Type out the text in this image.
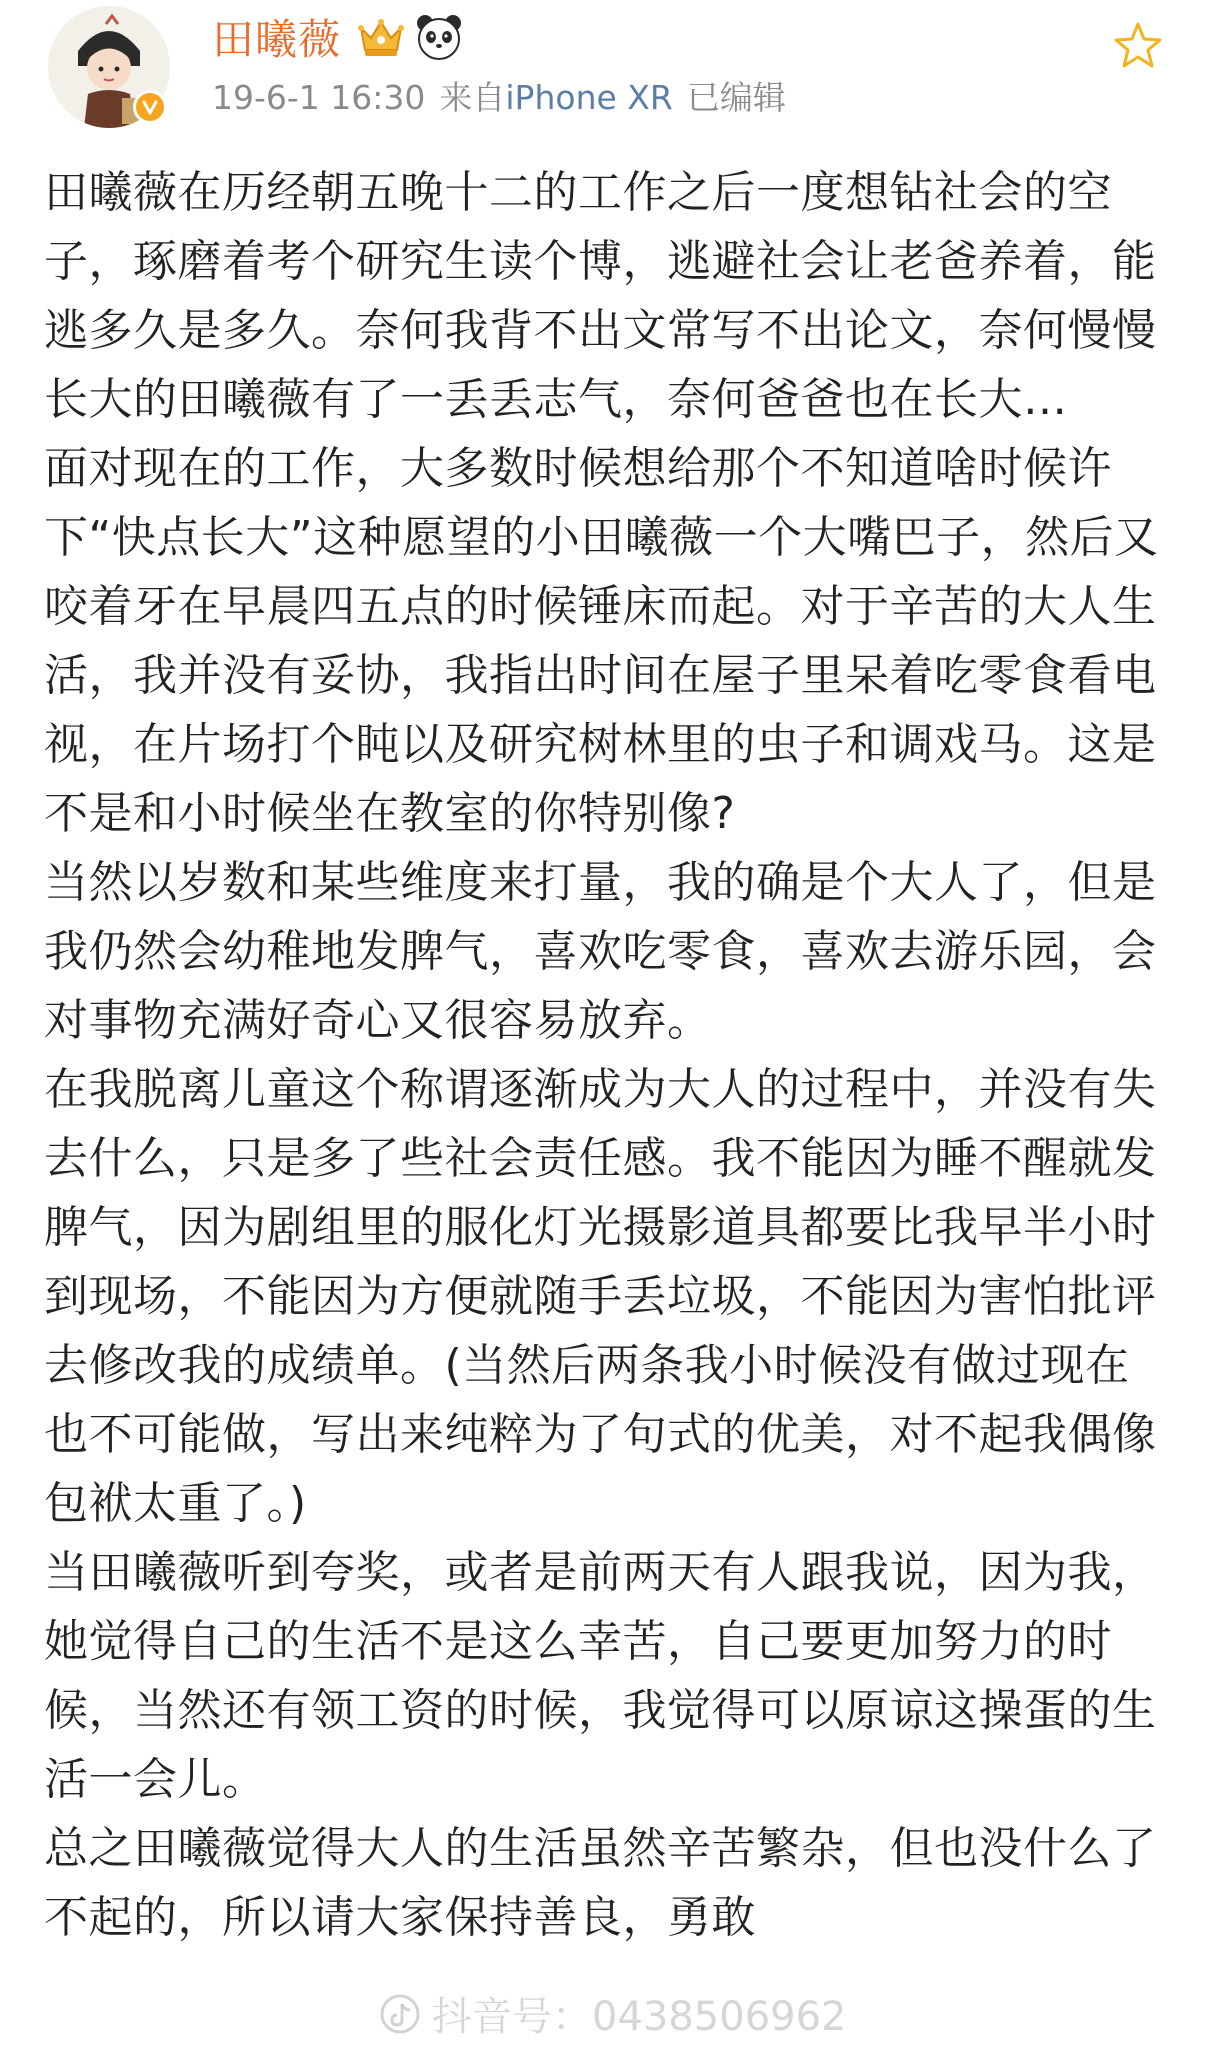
田曦薇
19-6-1 16:30 来自iPhone XR 已编辑

田曦薇在历经朝五晚十二的工作之后一度想钻社会的空子，琢磨着考个研究生读个博，逃避社会让老爸养着，能逃多久是多久。奈何我背不出文常写不出论文，奈何慢慢长大的田曦薇有了一丢丢志气，奈何爸爸也在长大…

面对现在的工作，大多数时候想给那个不知道啥时候许下“快点长大”这种愿望的小田曦薇一个大嘴巴子，然后又咬着牙在早晨四五点的时候锤床而起。对于辛苦的大人生活，我并没有妥协，我指出时间在屋子里呆着吃零食看电视，在片场打个盹以及研究树林里的虫子和调戏马。这是不是和小时候坐在教室的你特别像?

当然以岁数和某些维度来打量，我的确是个大人了，但是我仍然会幼稚地发脾气，喜欢吃零食，喜欢去游乐园，会对事物充满好奇心又很容易放弃。

在我脱离儿童这个称谓逐渐成为大人的过程中，并没有失去什么，只是多了些社会责任感。我不能因为睡不醒就发脾气，因为剧组里的服化灯光摄影道具都要比我早半小时到现场，不能因为方便就随手丢垃圾，不能因为害怕批评去修改我的成绩单。(当然后两条我小时候没有做过现在也不可能做，写出来纯粹为了句式的优美，对不起我偶像包袱太重了。)

当田曦薇听到夸奖，或者是前两天有人跟我说，因为我，她觉得自己的生活不是这么幸苦，自己要更加努力的时候，当然还有领工资的时候，我觉得可以原谅这操蛋的生活一会儿。

总之田曦薇觉得大人的生活虽然辛苦繁杂，但也没什么了不起的，所以请大家保持善良，勇敢

抖音号：0438506962
